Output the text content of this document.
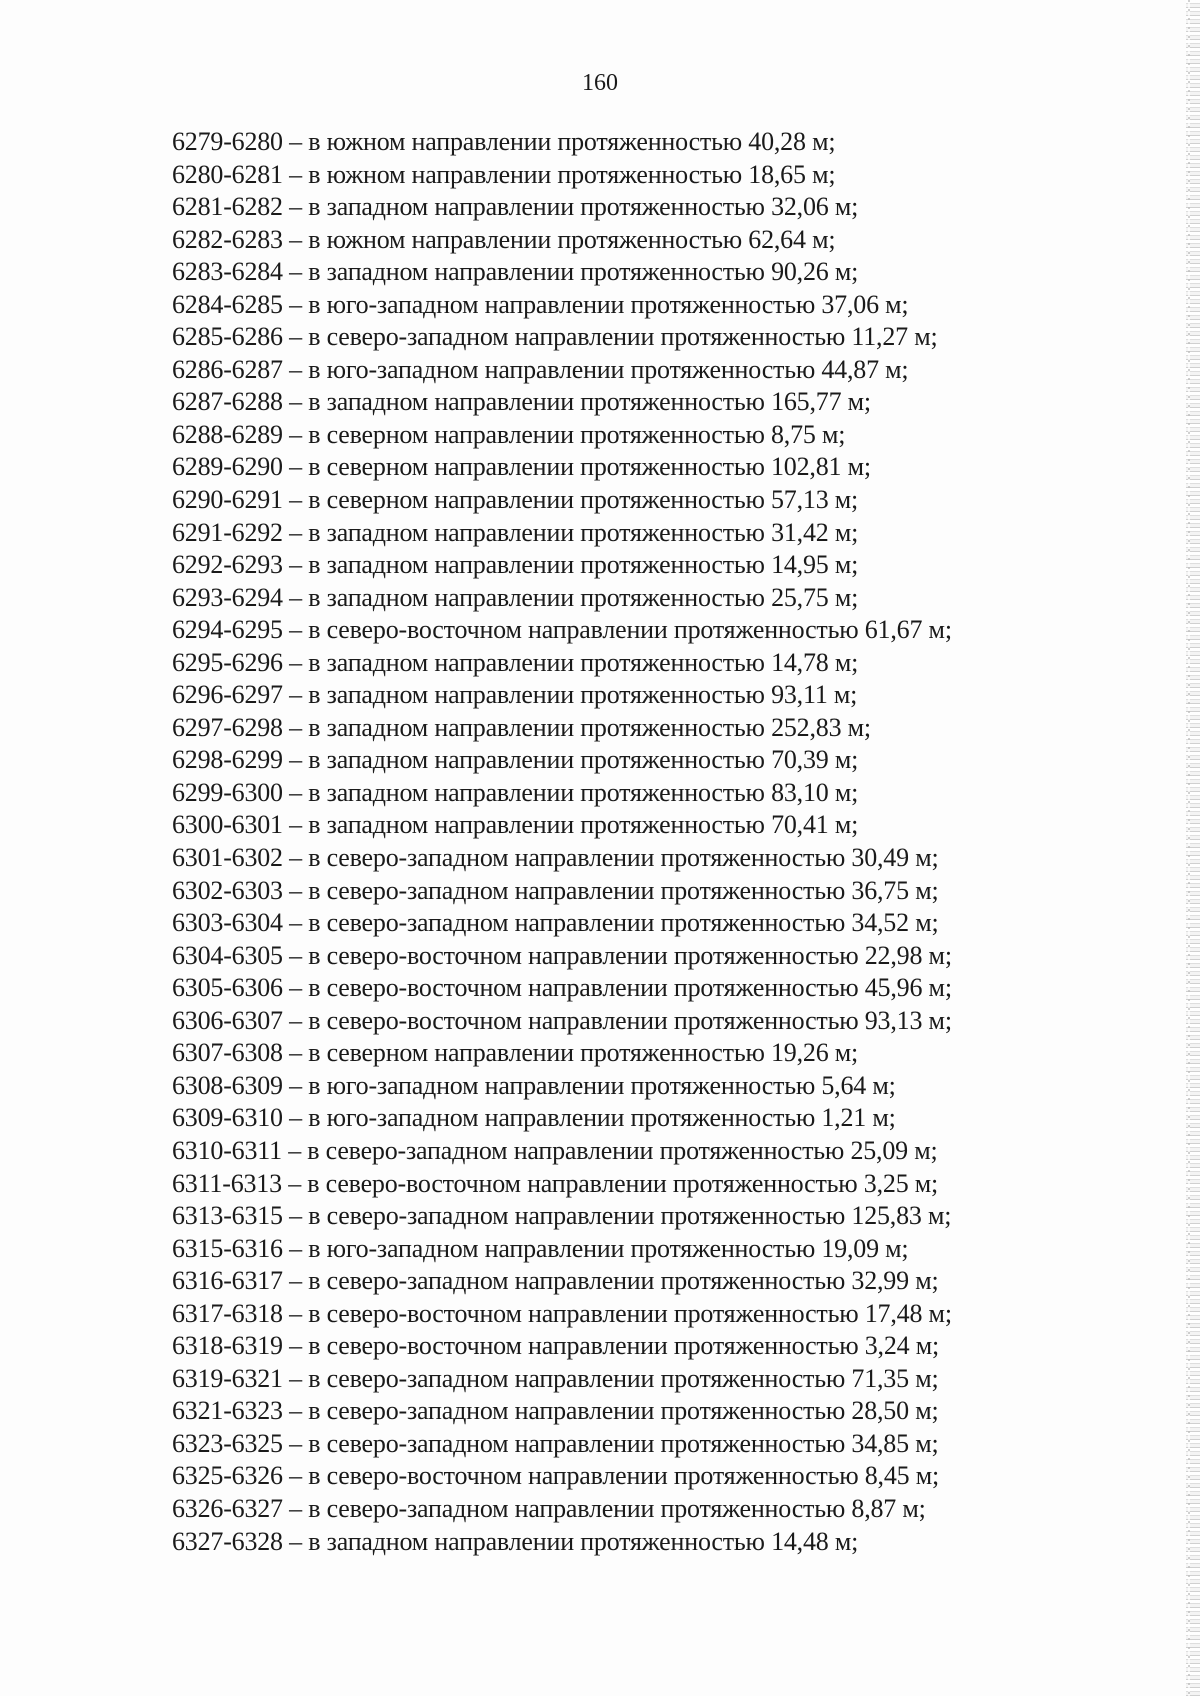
160
6279-6280 – в южном направлении протяженностью 40,28 м;
6280-6281 – в южном направлении протяженностью 18,65 м;
6281-6282 – в западном направлении протяженностью 32,06 м;
6282-6283 – в южном направлении протяженностью 62,64 м;
6283-6284 – в западном направлении протяженностью 90,26 м;
6284-6285 – в юго-западном направлении протяженностью 37,06 м;
6285-6286 – в северо-западном направлении протяженностью 11,27 м;
6286-6287 – в юго-западном направлении протяженностью 44,87 м;
6287-6288 – в западном направлении протяженностью 165,77 м;
6288-6289 – в северном направлении протяженностью 8,75 м;
6289-6290 – в северном направлении протяженностью 102,81 м;
6290-6291 – в северном направлении протяженностью 57,13 м;
6291-6292 – в западном направлении протяженностью 31,42 м;
6292-6293 – в западном направлении протяженностью 14,95 м;
6293-6294 – в западном направлении протяженностью 25,75 м;
6294-6295 – в северо-восточном направлении протяженностью 61,67 м;
6295-6296 – в западном направлении протяженностью 14,78 м;
6296-6297 – в западном направлении протяженностью 93,11 м;
6297-6298 – в западном направлении протяженностью 252,83 м;
6298-6299 – в западном направлении протяженностью 70,39 м;
6299-6300 – в западном направлении протяженностью 83,10 м;
6300-6301 – в западном направлении протяженностью 70,41 м;
6301-6302 – в северо-западном направлении протяженностью 30,49 м;
6302-6303 – в северо-западном направлении протяженностью 36,75 м;
6303-6304 – в северо-западном направлении протяженностью 34,52 м;
6304-6305 – в северо-восточном направлении протяженностью 22,98 м;
6305-6306 – в северо-восточном направлении протяженностью 45,96 м;
6306-6307 – в северо-восточном направлении протяженностью 93,13 м;
6307-6308 – в северном направлении протяженностью 19,26 м;
6308-6309 – в юго-западном направлении протяженностью 5,64 м;
6309-6310 – в юго-западном направлении протяженностью 1,21 м;
6310-6311 – в северо-западном направлении протяженностью 25,09 м;
6311-6313 – в северо-восточном направлении протяженностью 3,25 м;
6313-6315 – в северо-западном направлении протяженностью 125,83 м;
6315-6316 – в юго-западном направлении протяженностью 19,09 м;
6316-6317 – в северо-западном направлении протяженностью 32,99 м;
6317-6318 – в северо-восточном направлении протяженностью 17,48 м;
6318-6319 – в северо-восточном направлении протяженностью 3,24 м;
6319-6321 – в северо-западном направлении протяженностью 71,35 м;
6321-6323 – в северо-западном направлении протяженностью 28,50 м;
6323-6325 – в северо-западном направлении протяженностью 34,85 м;
6325-6326 – в северо-восточном направлении протяженностью 8,45 м;
6326-6327 – в северо-западном направлении протяженностью 8,87 м;
6327-6328 – в западном направлении протяженностью 14,48 м;
